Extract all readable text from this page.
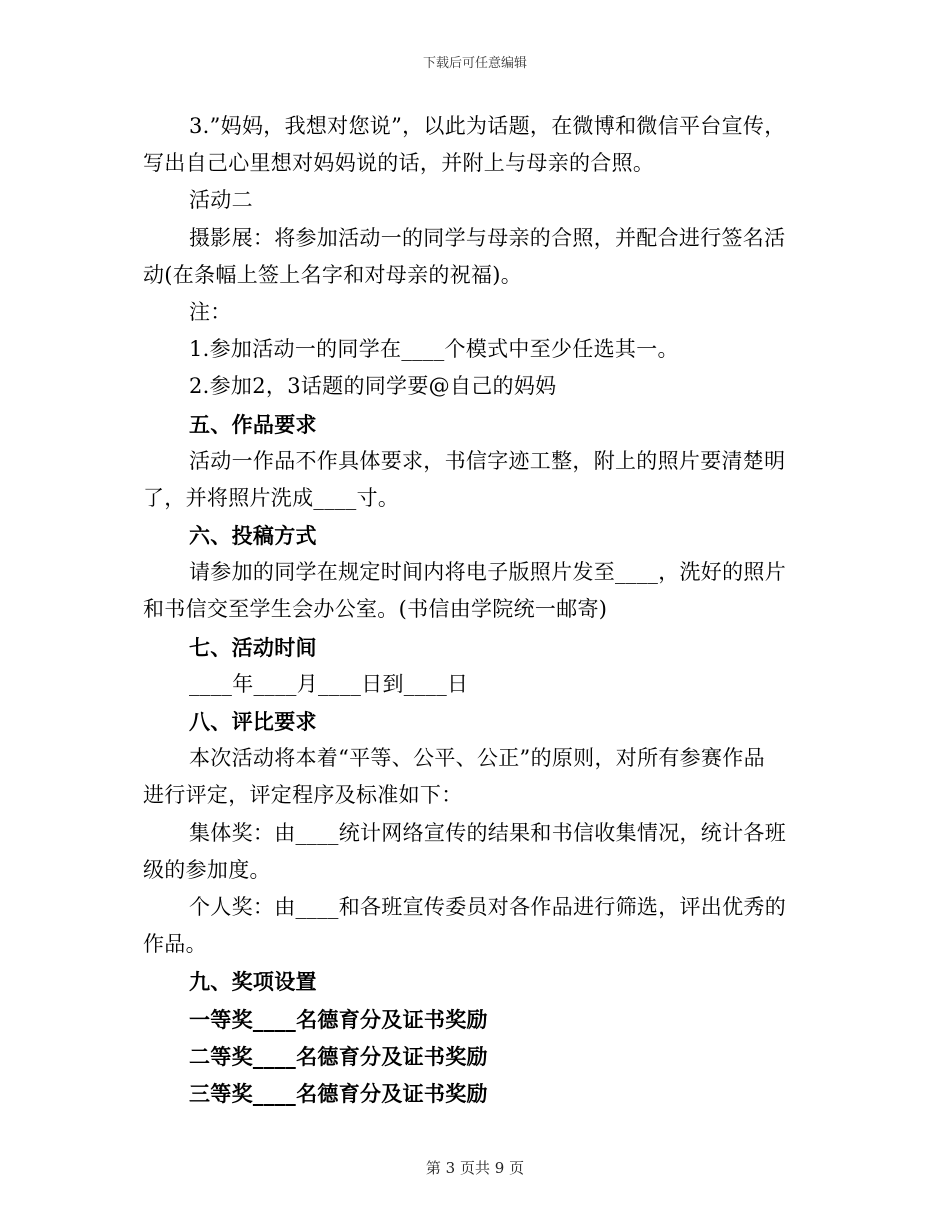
下载后可任意编辑
3.”妈妈，我想对您说”，以此为话题，在微博和微信平台宣传，
写出自己心里想对妈妈说的话，并附上与母亲的合照。
活动二
摄影展：将参加活动一的同学与母亲的合照，并配合进行签名活
动(在条幅上签上名字和对母亲的祝福)。
注：
1.参加活动一的同学在____个模式中至少任选其一。
2.参加2，3话题的同学要@自己的妈妈
五、作品要求
活动一作品不作具体要求，书信字迹工整，附上的照片要清楚明
了，并将照片洗成____寸。
六、投稿方式
请参加的同学在规定时间内将电子版照片发至____，洗好的照片
和书信交至学生会办公室。(书信由学院统一邮寄)
七、活动时间
____年____月____日到____日
八、评比要求
本次活动将本着“平等、公平、公正”的原则，对所有参赛作品
进行评定，评定程序及标准如下：
集体奖：由____统计网络宣传的结果和书信收集情况，统计各班
级的参加度。
个人奖：由____和各班宣传委员对各作品进行筛选，评出优秀的
作品。
九、奖项设置
一等奖____名德育分及证书奖励
二等奖____名德育分及证书奖励
三等奖____名德育分及证书奖励
第 3 页共 9 页
